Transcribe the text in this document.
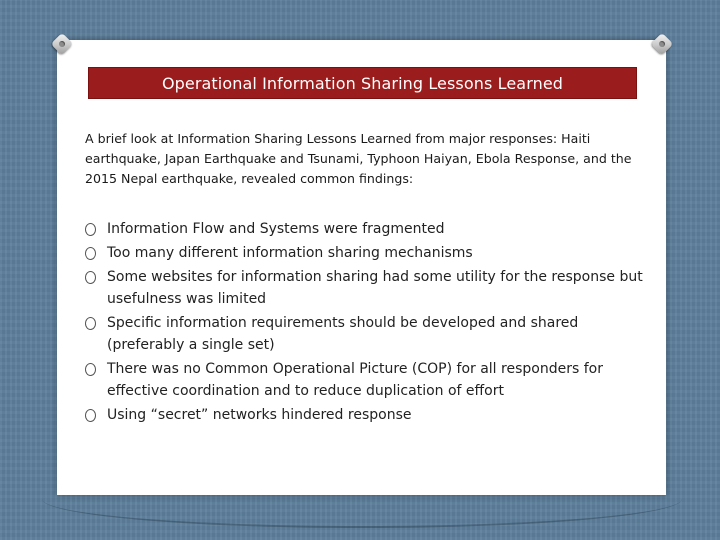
Operational Information Sharing Lessons Learned
A brief look at Information Sharing Lessons Learned from major responses: Haiti earthquake, Japan Earthquake and Tsunami, Typhoon Haiyan, Ebola Response, and the 2015 Nepal earthquake, revealed common findings:
Information Flow and Systems were fragmented
Too many different information sharing mechanisms
Some websites for information sharing had some utility for the response but usefulness was limited
Specific information requirements should be developed and shared (preferably a single set)
There was no Common Operational Picture (COP) for all responders for effective coordination and to reduce duplication of effort
Using “secret” networks hindered response
